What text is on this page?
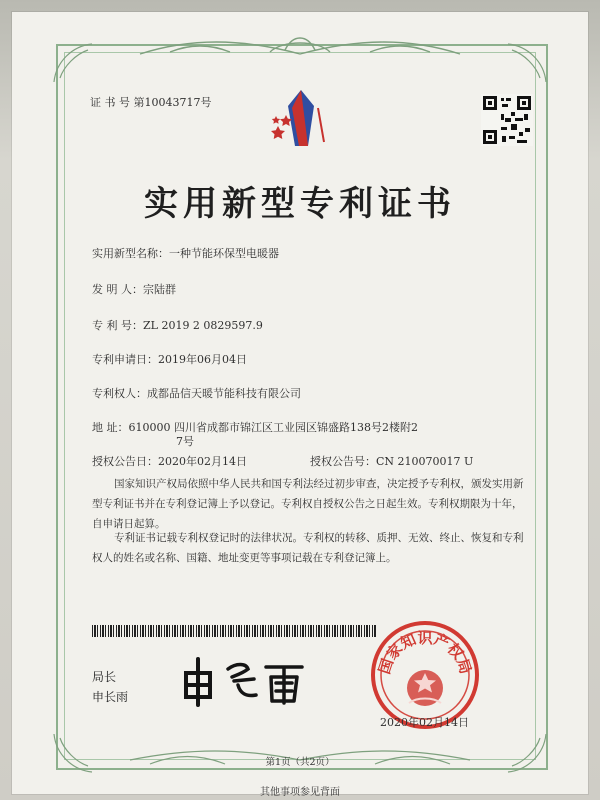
证 书 号 第10043717号
实用新型专利证书
实用新型名称：一种节能环保型电暖器
发 明 人：宗陆群
专 利 号：ZL 2019 2 0829597.9
专利申请日：2019年06月04日
专利权人：成都品信天暖节能科技有限公司
地 址：610000 四川省成都市锦江区工业园区锦盛路138号2楼附2
7号
授权公告日：2020年02月14日	授权公告号：CN 210070017 U
国家知识产权局依照中华人民共和国专利法经过初步审查，决定授予专利权，颁发实用新型专利证书并在专利登记簿上予以登记。专利权自授权公告之日起生效。专利权期限为十年，自申请日起算。
专利证书记载专利权登记时的法律状况。专利权的转移、质押、无效、终止、恢复和专利权人的姓名或名称、国籍、地址变更等事项记载在专利登记簿上。
局长
申长雨
国家知识产权局
2020年02月14日
第1页（共2页）
其他事项参见背面
